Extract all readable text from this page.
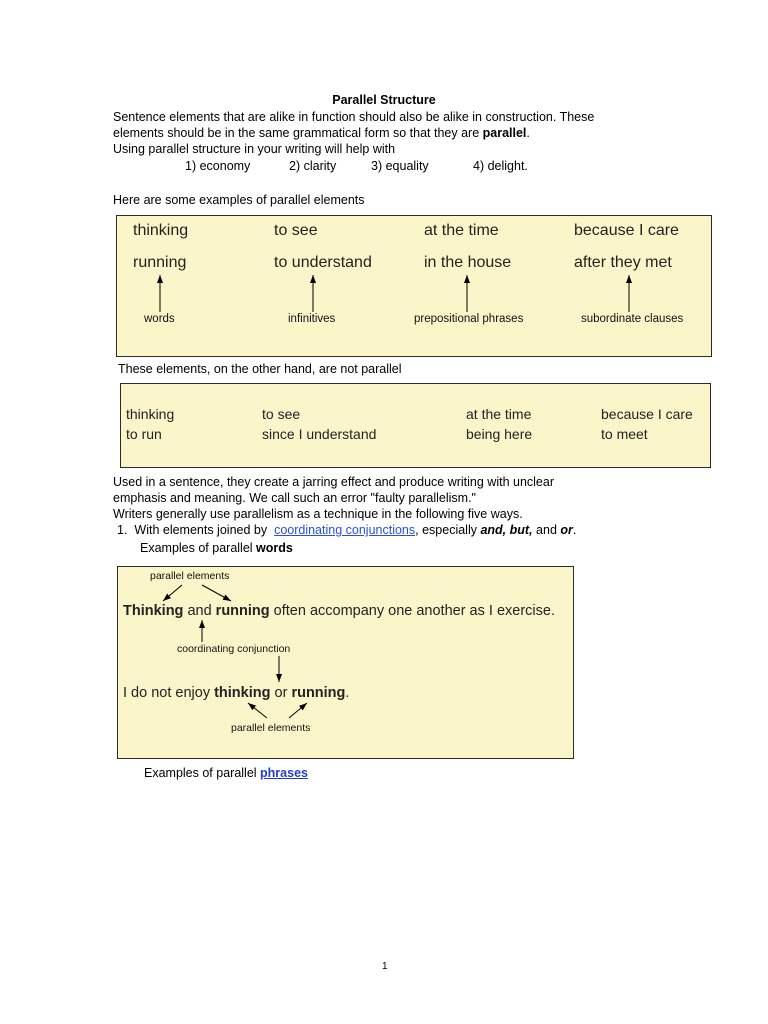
Parallel Structure
Sentence elements that are alike in function should also be alike in construction. These
elements should be in the same grammatical form so that they are parallel.
Using parallel structure in your writing will help with
1) economy	2) clarity	3) equality	4) delight.
Here are some examples of parallel elements
thinking	to see	at the time	because I care
running	to understand	in the house	after they met
words	infinitives	prepositional phrases	subordinate clauses
These elements, on the other hand, are not parallel
thinking	to see	at the time	because I care
to run	since I understand	being here	to meet
Used in a sentence, they create a jarring effect and produce writing with unclear
emphasis and meaning. We call such an error "faulty parallelism."
Writers generally use parallelism as a technique in the following five ways.
1. With elements joined by  coordinating conjunctions, especially and, but, and or.
Examples of parallel words
parallel elements
Thinking and running often accompany one another as I exercise.
coordinating conjunction
I do not enjoy thinking or running.
parallel elements
Examples of parallel phrases
1
